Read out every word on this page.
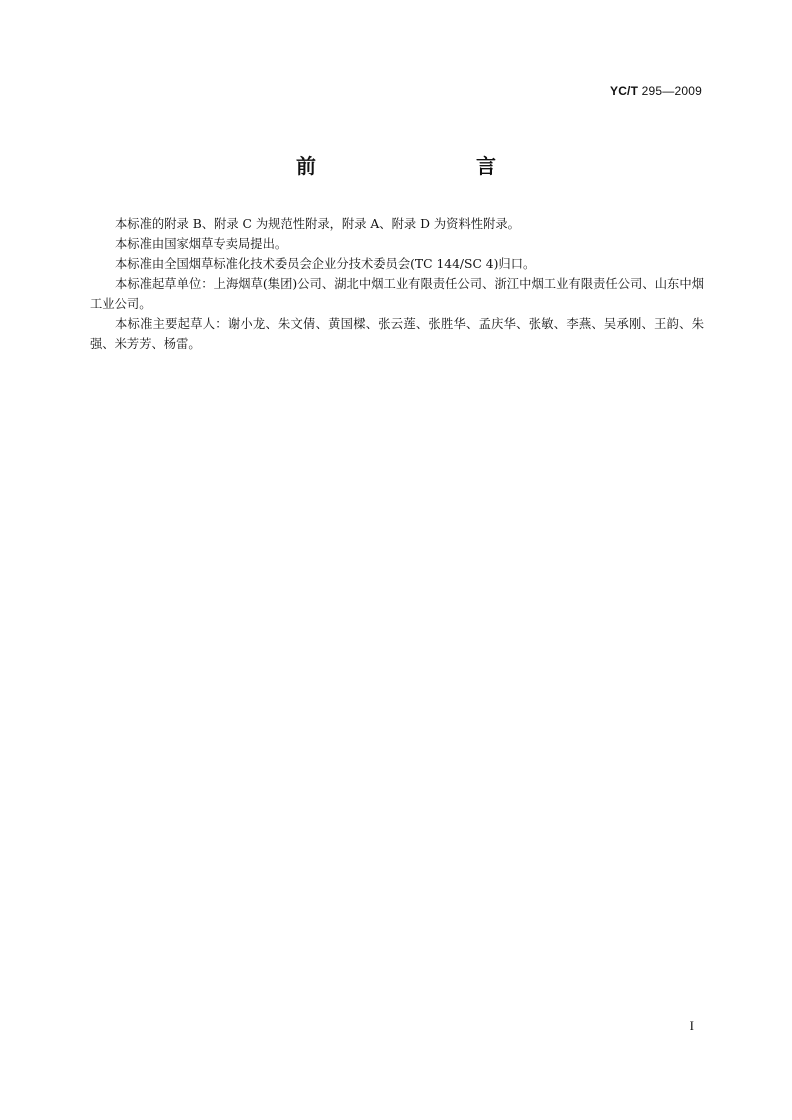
YC/T 295—2009
前　　言

本标准的附录 B、附录 C 为规范性附录，附录 A、附录 D 为资料性附录。

本标准由国家烟草专卖局提出。

本标准由全国烟草标准化技术委员会企业分技术委员会(TC 144/SC 4)归口。

本标准起草单位：上海烟草(集团)公司、湖北中烟工业有限责任公司、浙江中烟工业有限责任公司、山东中烟工业公司。

本标准主要起草人：谢小龙、朱文倩、黄国樑、张云莲、张胜华、孟庆华、张敏、李燕、吴承刚、王韵、朱强、米芳芳、杨雷。

I
